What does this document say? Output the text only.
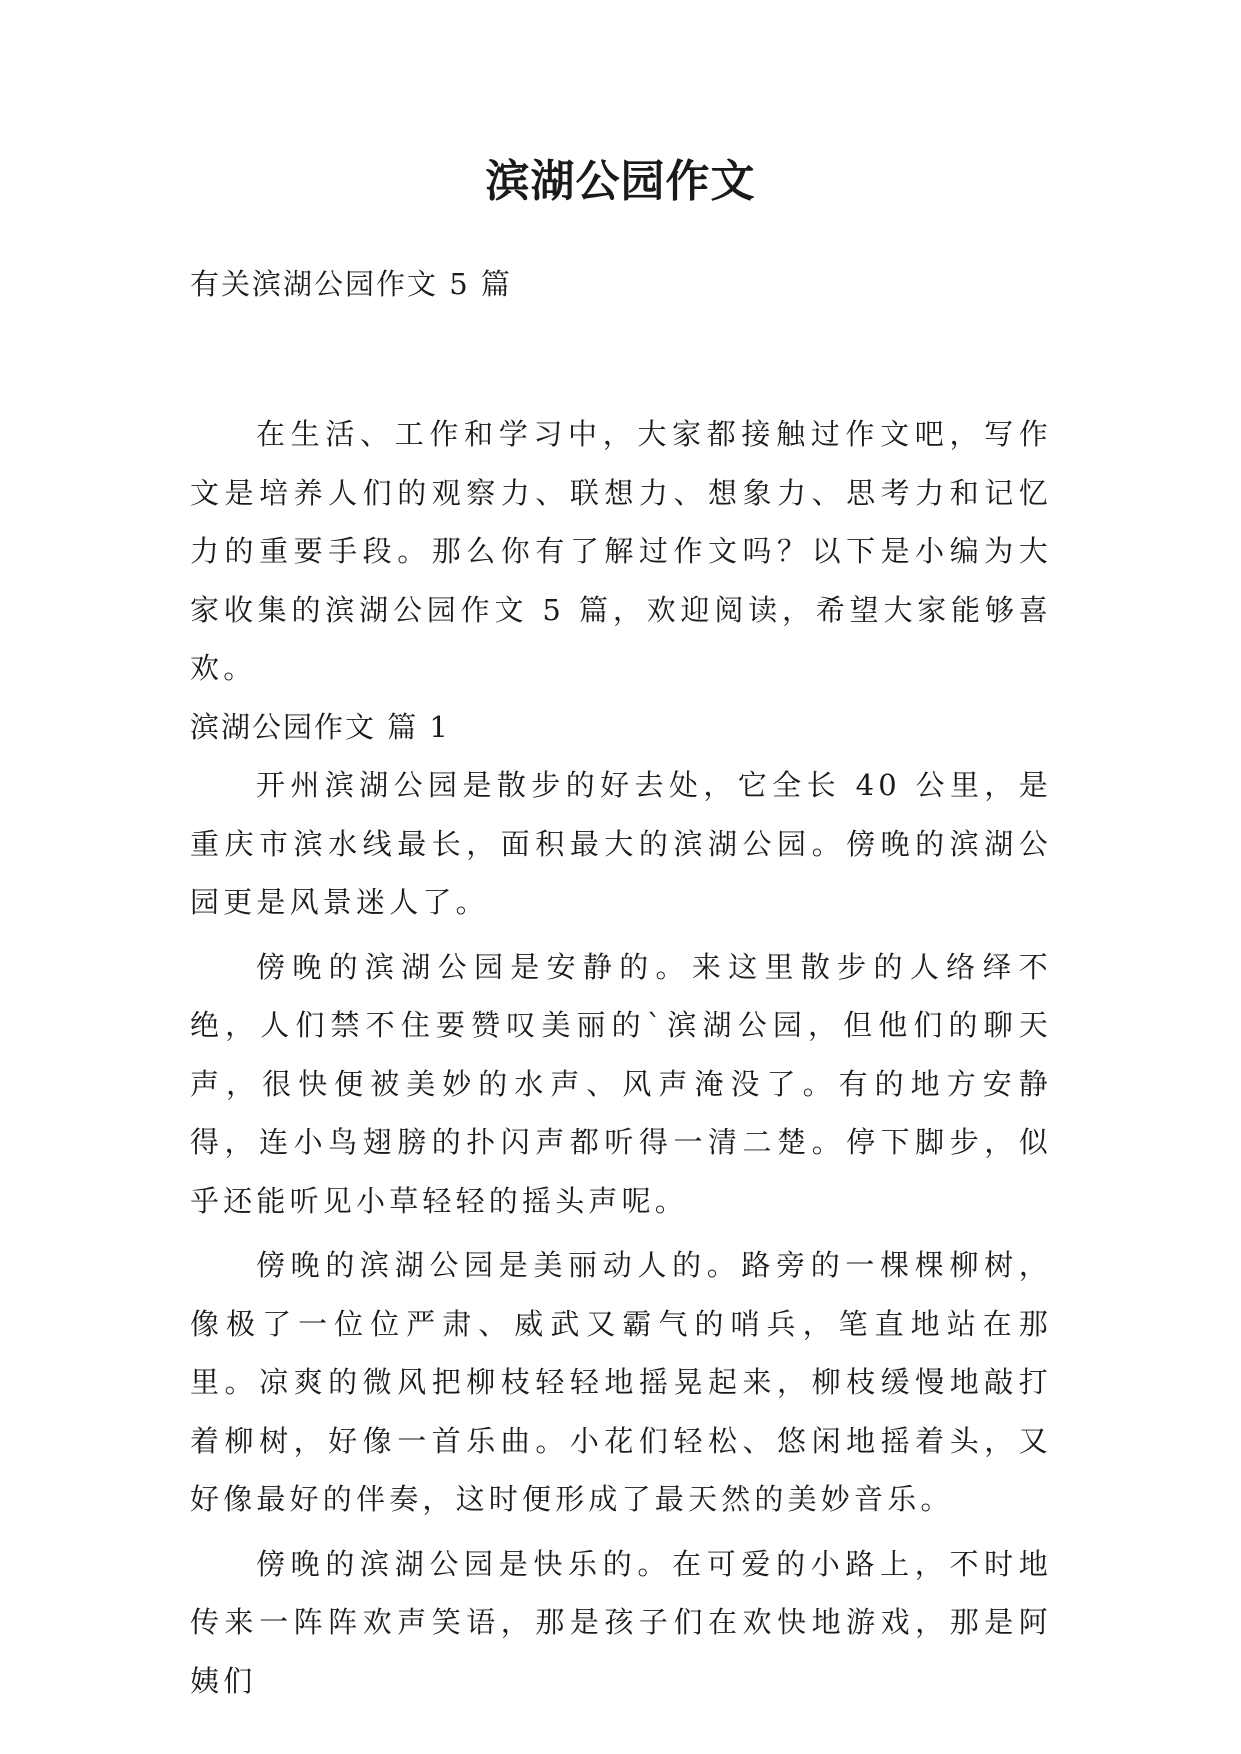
滨湖公园作文

有关滨湖公园作文 5 篇

在生活、工作和学习中，大家都接触过作文吧，写作文是培养人们的观察力、联想力、想象力、思考力和记忆力的重要手段。那么你有了解过作文吗？以下是小编为大家收集的滨湖公园作文 5 篇，欢迎阅读，希望大家能够喜欢。

滨湖公园作文 篇 1

开州滨湖公园是散步的好去处，它全长 40 公里，是重庆市滨水线最长，面积最大的滨湖公园。傍晚的滨湖公园更是风景迷人了。

傍晚的滨湖公园是安静的。来这里散步的人络绎不绝，人们禁不住要赞叹美丽的`滨湖公园，但他们的聊天声，很快便被美妙的水声、风声淹没了。有的地方安静得，连小鸟翅膀的扑闪声都听得一清二楚。停下脚步，似乎还能听见小草轻轻的摇头声呢。

傍晚的滨湖公园是美丽动人的。路旁的一棵棵柳树，像极了一位位严肃、威武又霸气的哨兵，笔直地站在那里。凉爽的微风把柳枝轻轻地摇晃起来，柳枝缓慢地敲打着柳树，好像一首乐曲。小花们轻松、悠闲地摇着头，又好像最好的伴奏，这时便形成了最天然的美妙音乐。

傍晚的滨湖公园是快乐的。在可爱的小路上，不时地传来一阵阵欢声笑语，那是孩子们在欢快地游戏，那是阿姨们
